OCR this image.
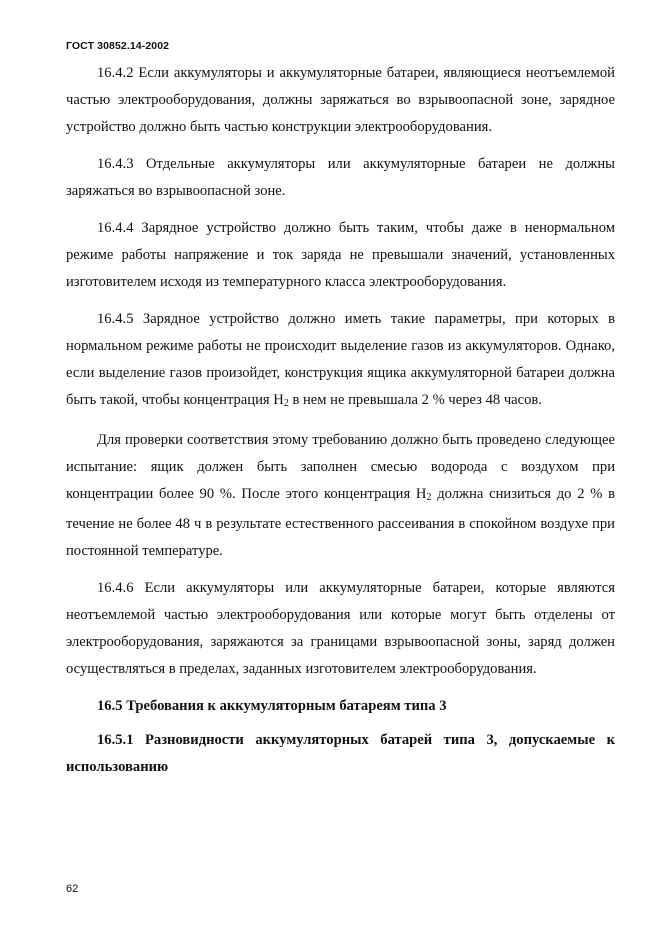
ГОСТ 30852.14-2002

16.4.2 Если аккумуляторы и аккумуляторные батареи, являющиеся неотъемлемой частью электрооборудования, должны заряжаться во взрывоопасной зоне, зарядное устройство должно быть частью конструкции электрооборудования.

16.4.3 Отдельные аккумуляторы или аккумуляторные батареи не должны заряжаться во взрывоопасной зоне.

16.4.4 Зарядное устройство должно быть таким, чтобы даже в ненормальном режиме работы напряжение и ток заряда не превышали значений, установленных изготовителем исходя из температурного класса электрооборудования.

16.4.5 Зарядное устройство должно иметь такие параметры, при которых в нормальном режиме работы не происходит выделение газов из аккумуляторов. Однако, если выделение газов произойдет, конструкция ящика аккумуляторной батареи должна быть такой, чтобы концентрация $H_2$ в нем не превышала 2 % через 48 часов.

Для проверки соответствия этому требованию должно быть проведено следующее испытание: ящик должен быть заполнен смесью водорода с воздухом при концентрации более 90 %. После этого концентрация $H_2$ должна снизиться до 2 % в течение не более 48 ч в результате естественного рассеивания в спокойном воздухе при постоянной температуре.

16.4.6 Если аккумуляторы или аккумуляторные батареи, которые являются неотъемлемой частью электрооборудования или которые могут быть отделены от электрооборудования, заряжаются за границами взрывоопасной зоны, заряд должен осуществляться в пределах, заданных изготовителем электрооборудования.

16.5 Требования к аккумуляторным батареям типа 3

16.5.1 Разновидности аккумуляторных батарей типа 3, допускаемые к использованию

62
